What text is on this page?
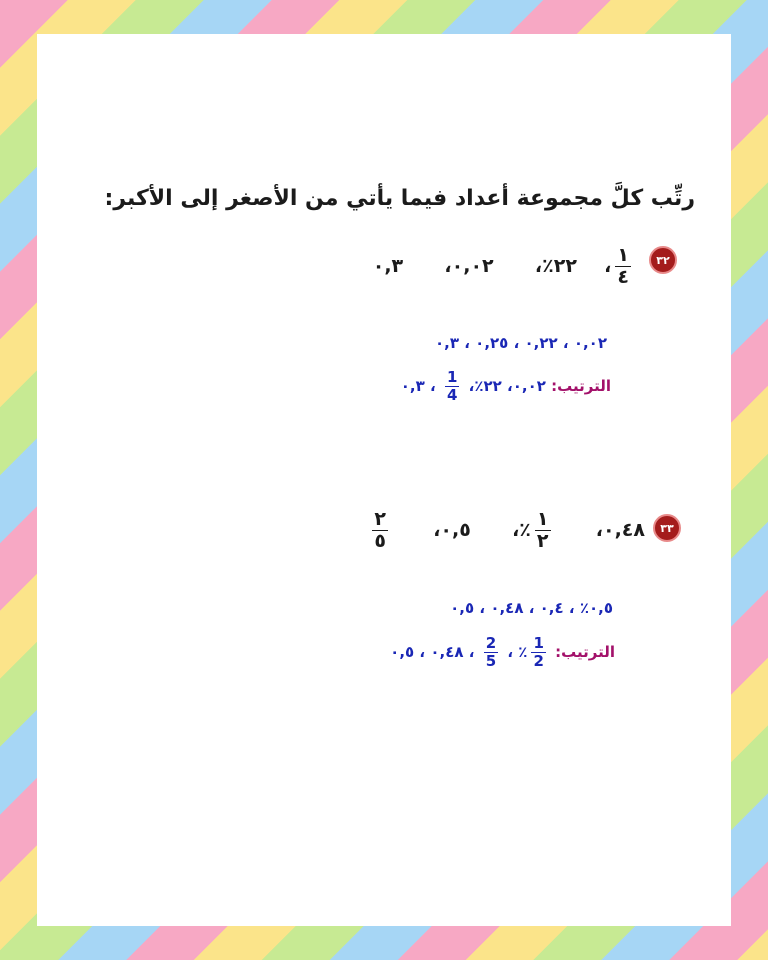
رتِّب كلَّ مجموعة أعداد فيما يأتي من الأصغر إلى الأكبر:
٣٢
$\frac{١}{٤}$
،  ٢٢٪،  ٠,٠٢،  ٠,٣
٠,٠٢ ، ٠,٢٢ ، ٠,٢٥ ، ٠,٣
الترتيب: ٠,٠٢، ٢٢٪،
$\frac{1}{4}$
، ٠,٣
٣٣
٠,٤٨،
$\frac{١}{٢}$
٪،  ٠,٥،
$\frac{٢}{٥}$
٠,٥٪ ، ٠,٤ ، ٠,٤٨ ، ٠,٥
الترتيب:
$\frac{1}{2}$
٪ ،
$\frac{2}{5}$
، ٠,٤٨ ، ٠,٥
